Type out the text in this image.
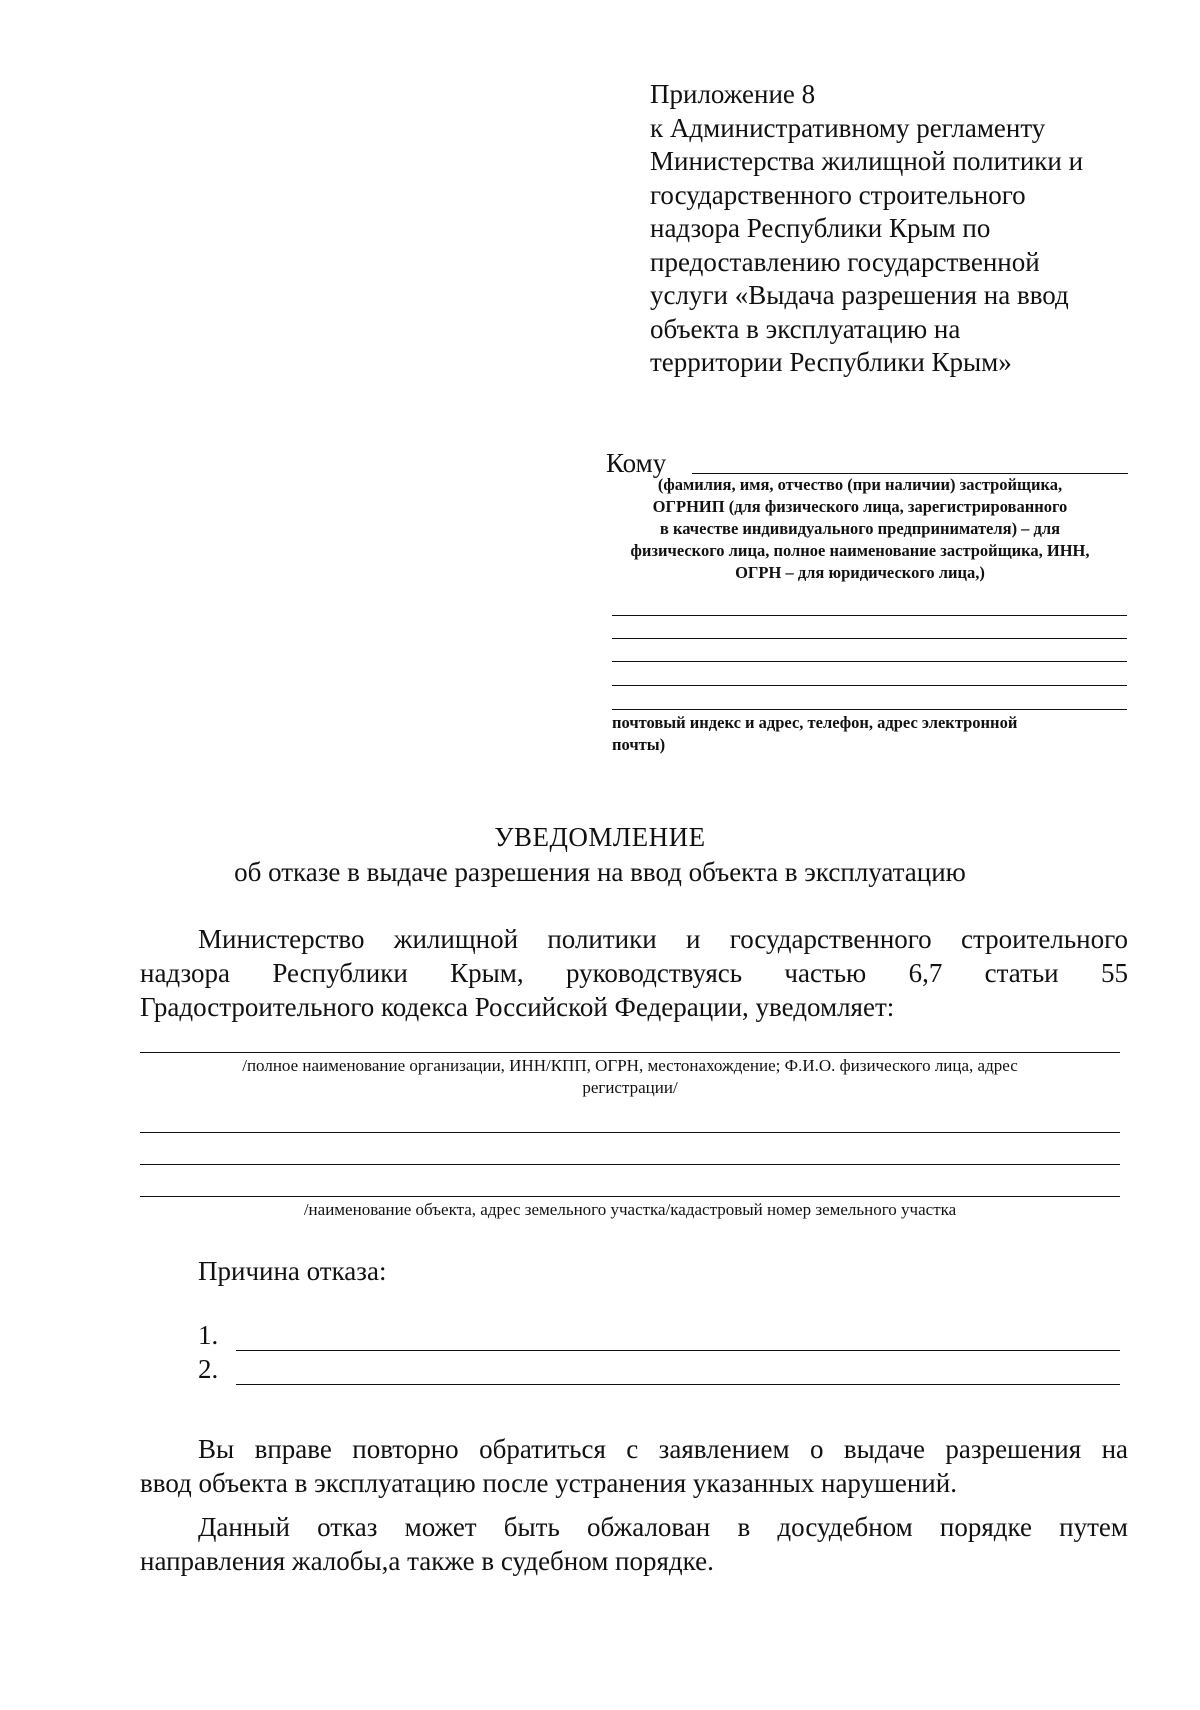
Приложение 8
к Административному регламенту
Министерства жилищной политики и
государственного строительного
надзора Республики Крым по
предоставлению государственной
услуги «Выдача разрешения на ввод
объекта в эксплуатацию на
территории Республики Крым»
Кому
(фамилия, имя, отчество (при наличии) застройщика,
ОГРНИП (для физического лица, зарегистрированного
в качестве индивидуального предпринимателя) – для
физического лица, полное наименование застройщика, ИНН,
ОГРН – для юридического лица,)
почтовый индекс и адрес, телефон, адрес электронной
почты)
УВЕДОМЛЕНИЕ
об отказе в выдаче разрешения на ввод объекта в эксплуатацию
Министерство жилищной политики и государственного строительного
надзора Республики Крым, руководствуясь частью 6,7 статьи 55
Градостроительного кодекса Российской Федерации, уведомляет:
/полное наименование организации, ИНН/КПП, ОГРН, местонахождение; Ф.И.О. физического лица, адрес
регистрации/
/наименование объекта, адрес земельного участка/кадастровый номер земельного участка
Причина отказа:
1.
2.
Вы вправе повторно обратиться с заявлением о выдаче разрешения на
ввод объекта в эксплуатацию после устранения указанных нарушений.
Данный отказ может быть обжалован в досудебном порядке путем
направления жалобы,а также в судебном порядке.
